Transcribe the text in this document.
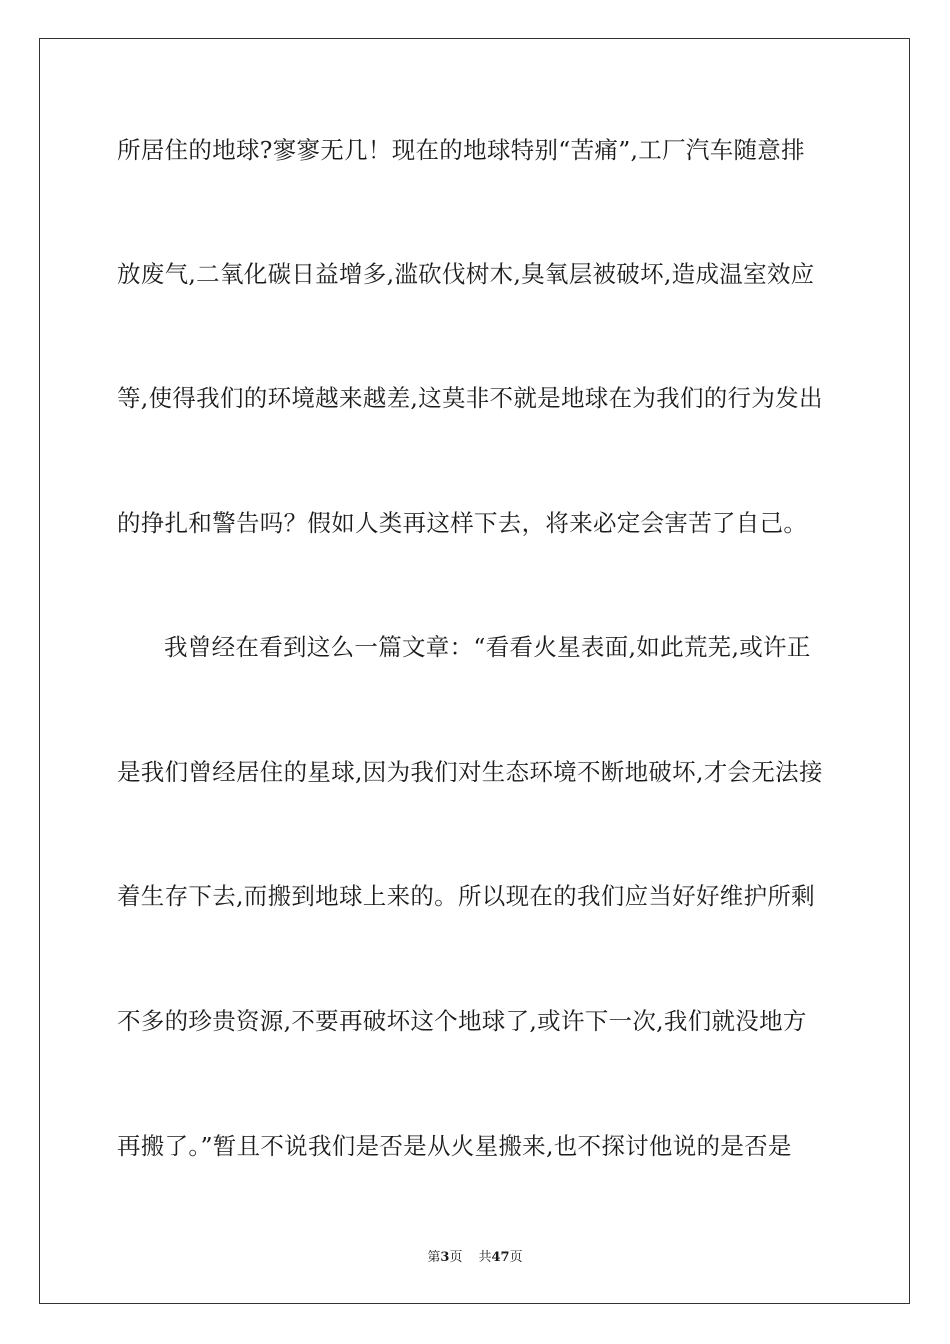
所居住的地球?寥寥无几！现在的地球特别“苦痛”,工厂汽车随意排
放废气,二氧化碳日益增多,滥砍伐树木,臭氧层被破坏,造成温室效应
等,使得我们的环境越来越差,这莫非不就是地球在为我们的行为发出
的挣扎和警告吗？假如人类再这样下去，将来必定会害苦了自己。
我曾经在看到这么一篇文章：“看看火星表面,如此荒芜,或许正
是我们曾经居住的星球,因为我们对生态环境不断地破坏,才会无法接
着生存下去,而搬到地球上来的。所以现在的我们应当好好维护所剩
不多的珍贵资源,不要再破坏这个地球了,或许下一次,我们就没地方
再搬了。”暂且不说我们是否是从火星搬来,也不探讨他说的是否是
第3页 共47页
